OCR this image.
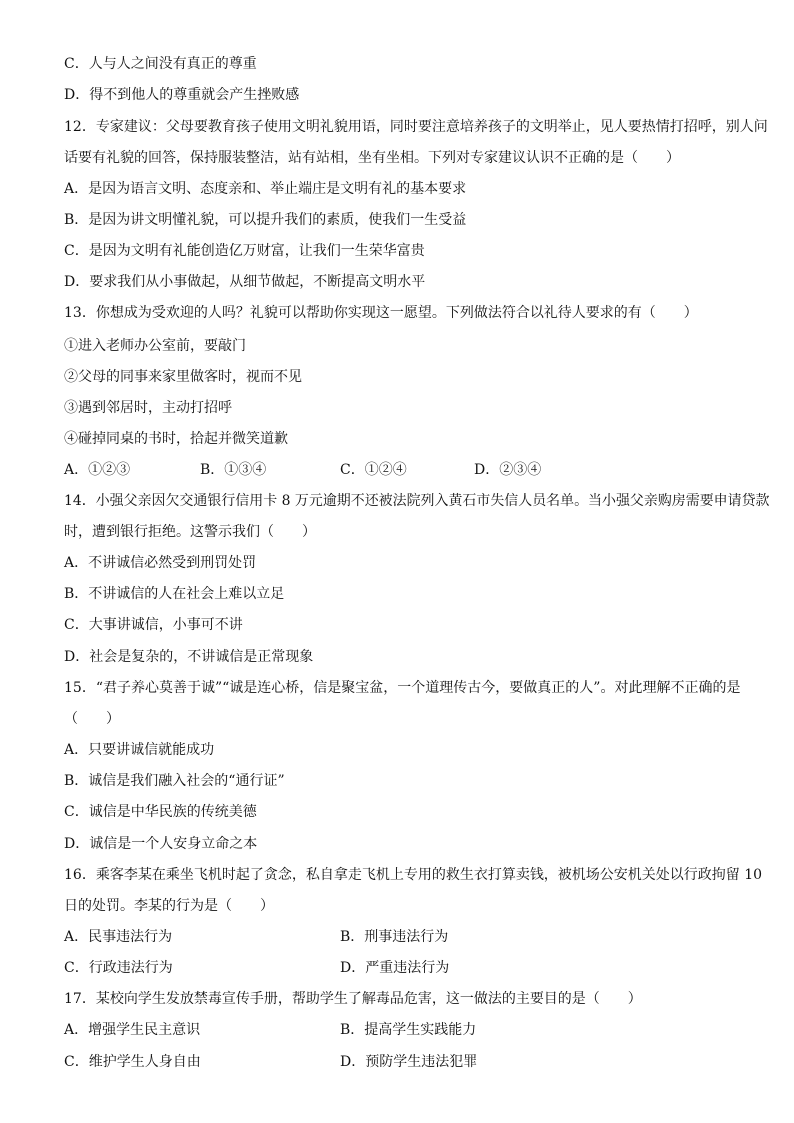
C．人与人之间没有真正的尊重
D．得不到他人的尊重就会产生挫败感
12．专家建议：父母要教育孩子使用文明礼貌用语，同时要注意培养孩子的文明举止，见人要热情打招呼，别人问
话要有礼貌的回答，保持服装整洁，站有站相，坐有坐相。下列对专家建议认识不正确的是（　　）
A．是因为语言文明、态度亲和、举止端庄是文明有礼的基本要求
B．是因为讲文明懂礼貌，可以提升我们的素质，使我们一生受益
C．是因为文明有礼能创造亿万财富，让我们一生荣华富贵
D．要求我们从小事做起，从细节做起，不断提高文明水平
13．你想成为受欢迎的人吗？礼貌可以帮助你实现这一愿望。下列做法符合以礼待人要求的有（　　）
①进入老师办公室前，要敲门
②父母的同事来家里做客时，视而不见
③遇到邻居时，主动打招呼
④碰掉同桌的书时，拾起并微笑道歉
A．①②③	B．①③④	C．①②④	D．②③④
14．小强父亲因欠交通银行信用卡 8 万元逾期不还被法院列入黄石市失信人员名单。当小强父亲购房需要申请贷款
时，遭到银行拒绝。这警示我们（　　）
A．不讲诚信必然受到刑罚处罚
B．不讲诚信的人在社会上难以立足
C．大事讲诚信，小事可不讲
D．社会是复杂的，不讲诚信是正常现象
15．“君子养心莫善于诚”“诚是连心桥，信是聚宝盆，一个道理传古今，要做真正的人”。对此理解不正确的是
（　　）
A．只要讲诚信就能成功
B．诚信是我们融入社会的“通行证”
C．诚信是中华民族的传统美德
D．诚信是一个人安身立命之本
16．乘客李某在乘坐飞机时起了贪念，私自拿走飞机上专用的救生衣打算卖钱，被机场公安机关处以行政拘留 10
日的处罚。李某的行为是（　　）
A．民事违法行为	B．刑事违法行为
C．行政违法行为	D．严重违法行为
17．某校向学生发放禁毒宣传手册，帮助学生了解毒品危害，这一做法的主要目的是（　　）
A．增强学生民主意识	B．提高学生实践能力
C．维护学生人身自由	D．预防学生违法犯罪
